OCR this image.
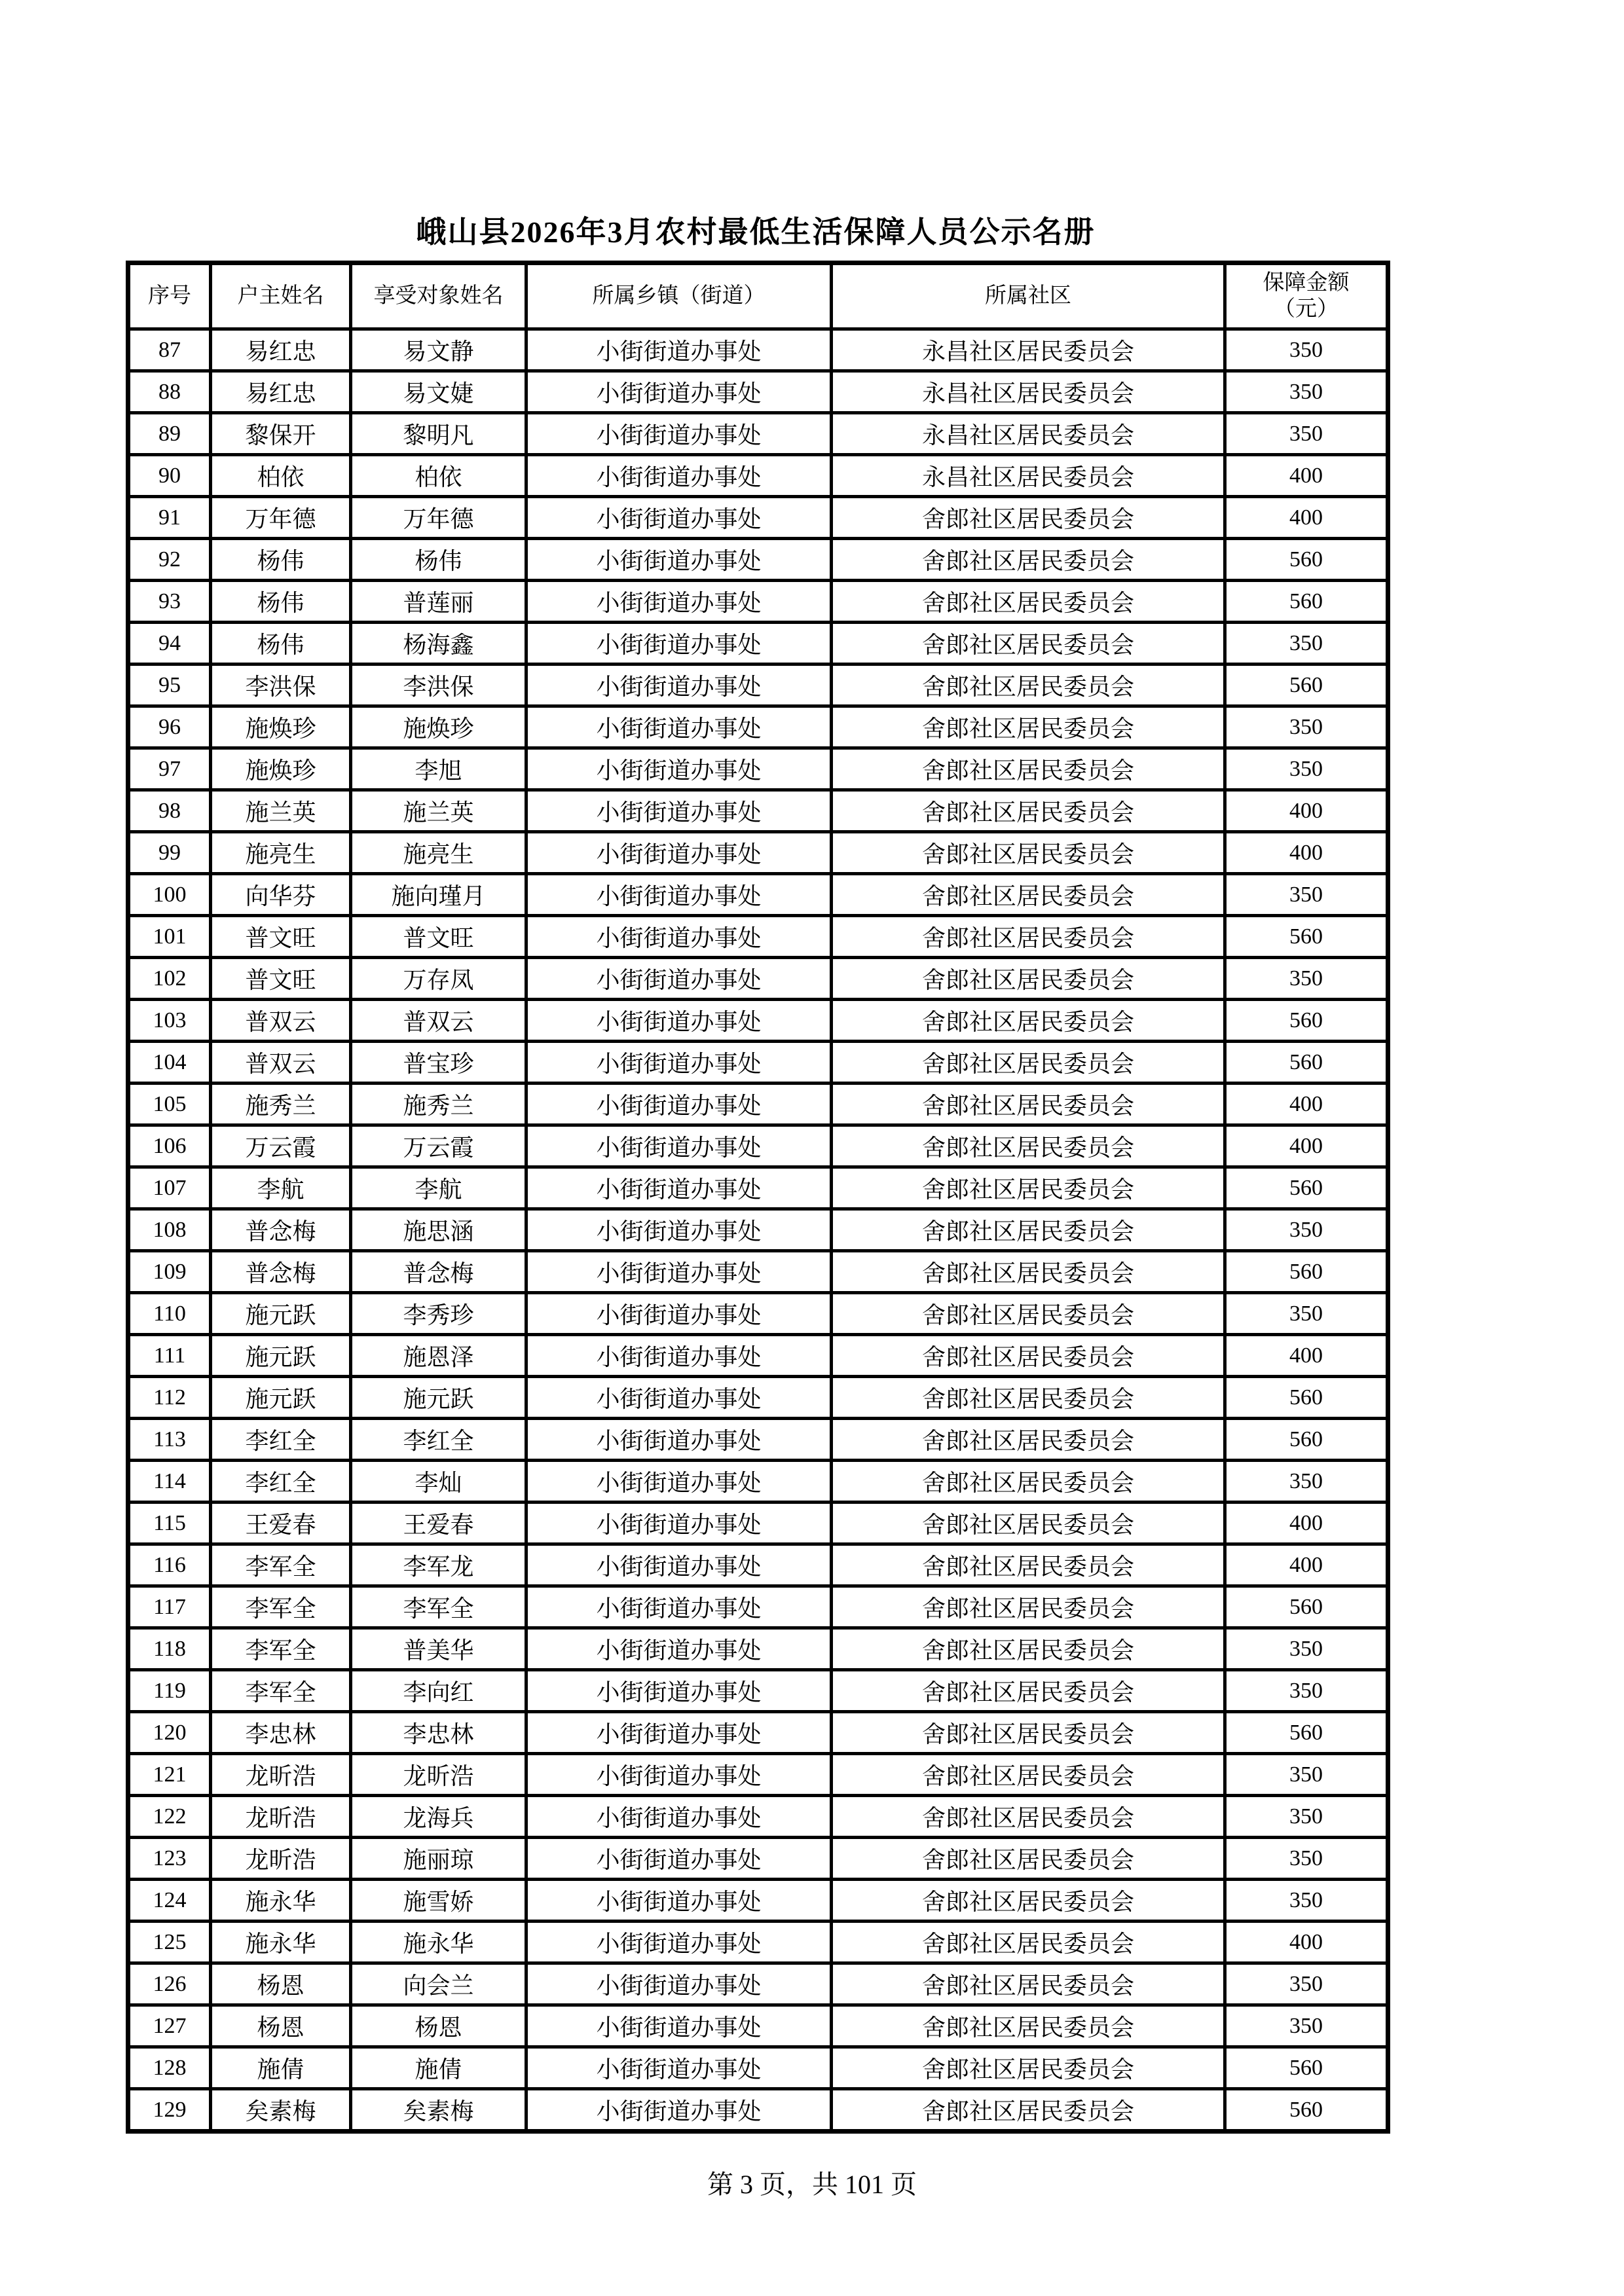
峨山县2026年3月农村最低生活保障人员公示名册
序号	户主姓名	享受对象姓名	所属乡镇（街道）	所属社区	保障金额
（元）

87	易红忠	易文静	小街街道办事处	永昌社区居民委员会	350
88	易红忠	易文婕	小街街道办事处	永昌社区居民委员会	350
89	黎保开	黎明凡	小街街道办事处	永昌社区居民委员会	350
90	柏依	柏依	小街街道办事处	永昌社区居民委员会	400
91	万年德	万年德	小街街道办事处	舍郎社区居民委员会	400
92	杨伟	杨伟	小街街道办事处	舍郎社区居民委员会	560
93	杨伟	普莲丽	小街街道办事处	舍郎社区居民委员会	560
94	杨伟	杨海鑫	小街街道办事处	舍郎社区居民委员会	350
95	李洪保	李洪保	小街街道办事处	舍郎社区居民委员会	560
96	施焕珍	施焕珍	小街街道办事处	舍郎社区居民委员会	350
97	施焕珍	李旭	小街街道办事处	舍郎社区居民委员会	350
98	施兰英	施兰英	小街街道办事处	舍郎社区居民委员会	400
99	施亮生	施亮生	小街街道办事处	舍郎社区居民委员会	400
100	向华芬	施向瑾月	小街街道办事处	舍郎社区居民委员会	350
101	普文旺	普文旺	小街街道办事处	舍郎社区居民委员会	560
102	普文旺	万存凤	小街街道办事处	舍郎社区居民委员会	350
103	普双云	普双云	小街街道办事处	舍郎社区居民委员会	560
104	普双云	普宝珍	小街街道办事处	舍郎社区居民委员会	560
105	施秀兰	施秀兰	小街街道办事处	舍郎社区居民委员会	400
106	万云霞	万云霞	小街街道办事处	舍郎社区居民委员会	400
107	李航	李航	小街街道办事处	舍郎社区居民委员会	560
108	普念梅	施思涵	小街街道办事处	舍郎社区居民委员会	350
109	普念梅	普念梅	小街街道办事处	舍郎社区居民委员会	560
110	施元跃	李秀珍	小街街道办事处	舍郎社区居民委员会	350
111	施元跃	施恩泽	小街街道办事处	舍郎社区居民委员会	400
112	施元跃	施元跃	小街街道办事处	舍郎社区居民委员会	560
113	李红全	李红全	小街街道办事处	舍郎社区居民委员会	560
114	李红全	李灿	小街街道办事处	舍郎社区居民委员会	350
115	王爱春	王爱春	小街街道办事处	舍郎社区居民委员会	400
116	李军全	李军龙	小街街道办事处	舍郎社区居民委员会	400
117	李军全	李军全	小街街道办事处	舍郎社区居民委员会	560
118	李军全	普美华	小街街道办事处	舍郎社区居民委员会	350
119	李军全	李向红	小街街道办事处	舍郎社区居民委员会	350
120	李忠林	李忠林	小街街道办事处	舍郎社区居民委员会	560
121	龙昕浩	龙昕浩	小街街道办事处	舍郎社区居民委员会	350
122	龙昕浩	龙海兵	小街街道办事处	舍郎社区居民委员会	350
123	龙昕浩	施丽琼	小街街道办事处	舍郎社区居民委员会	350
124	施永华	施雪娇	小街街道办事处	舍郎社区居民委员会	350
125	施永华	施永华	小街街道办事处	舍郎社区居民委员会	400
126	杨恩	向会兰	小街街道办事处	舍郎社区居民委员会	350
127	杨恩	杨恩	小街街道办事处	舍郎社区居民委员会	350
128	施倩	施倩	小街街道办事处	舍郎社区居民委员会	560
129	矣素梅	矣素梅	小街街道办事处	舍郎社区居民委员会	560
第 3 页，共 101 页
